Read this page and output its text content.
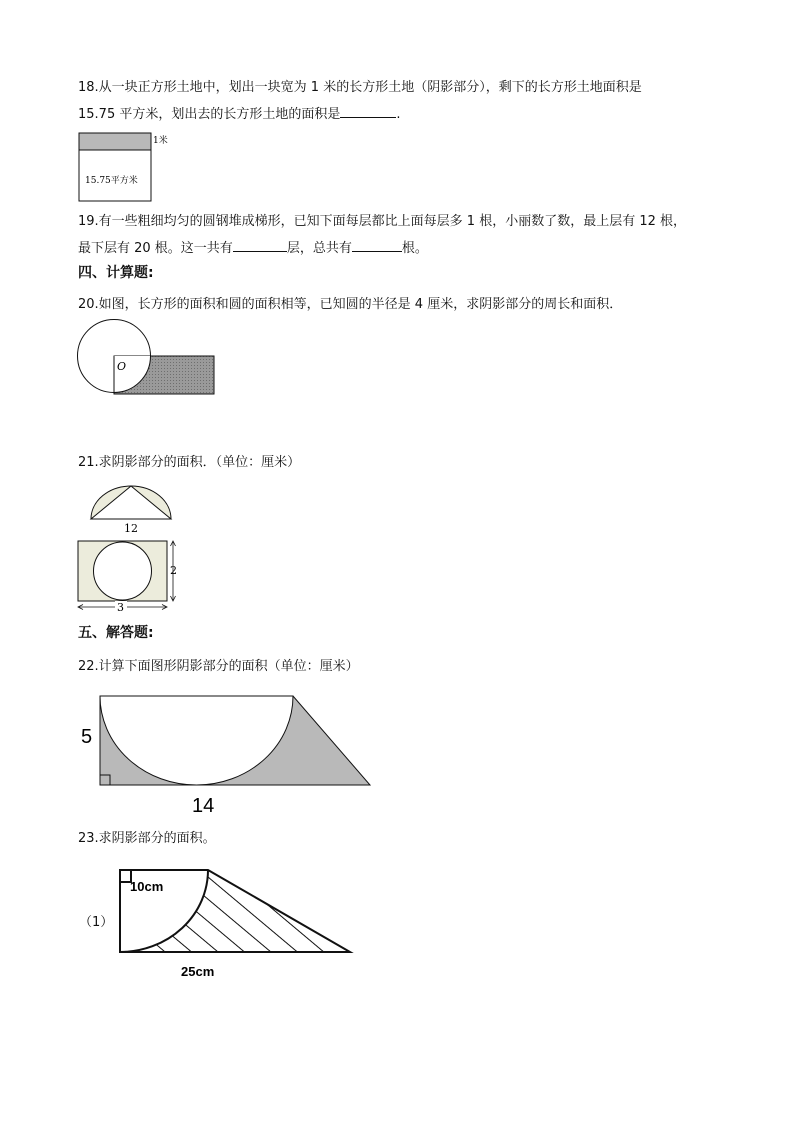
18.从一块正方形土地中，划出一块宽为 1 米的长方形土地（阴影部分），剩下的长方形土地面积是
15.75 平方米，划出去的长方形土地的面积是	.
1米
15.75平方米
19.有一些粗细均匀的圆钢堆成梯形，已知下面每层都比上面每层多 1 根，小丽数了数，最上层有 12 根，
最下层有 20 根。这一共有	层，总共有	根。
四、计算题:
20.如图，长方形的面积和圆的面积相等，已知圆的半径是 4 厘米，求阴影部分的周长和面积．
O
21.求阴影部分的面积．（单位：厘米）
12
2
3
五、解答题:
22.计算下面图形阴影部分的面积（单位：厘米）
5
14
23.求阴影部分的面积。
（1）
10cm
25cm
